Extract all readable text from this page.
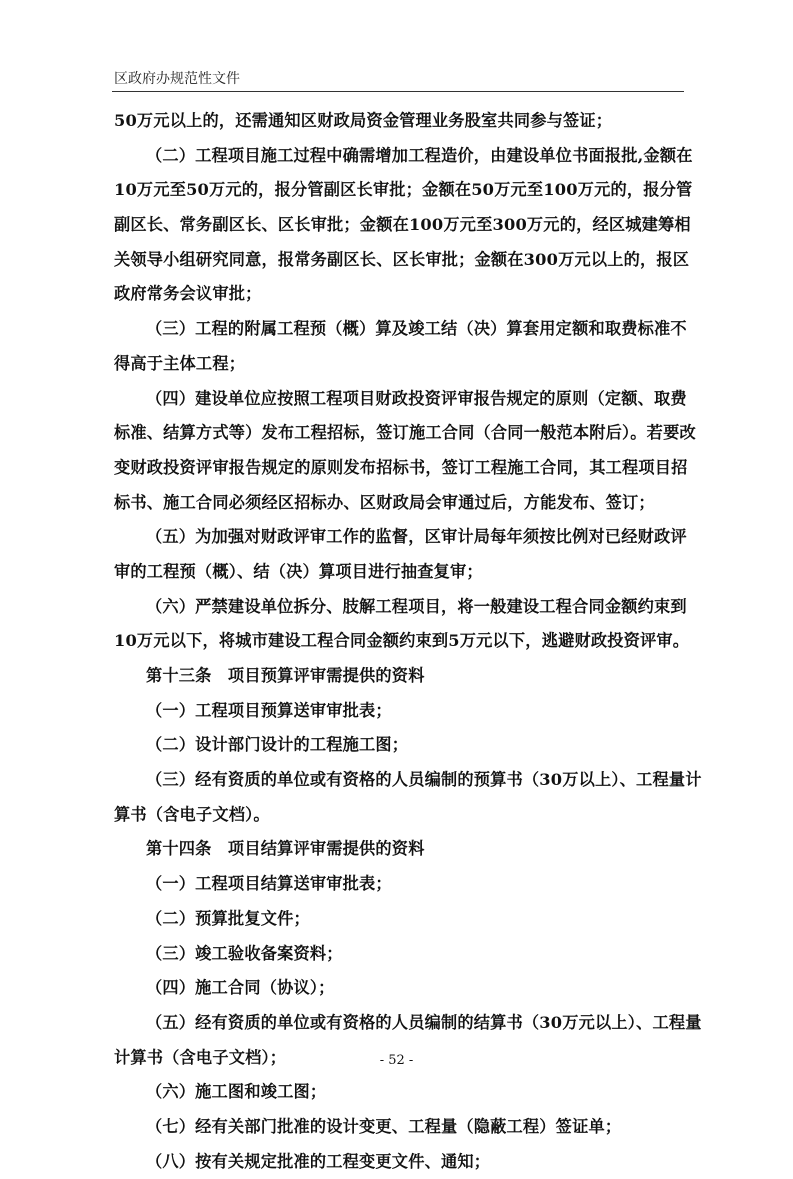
区政府办规范性文件
50万元以上的，还需通知区财政局资金管理业务股室共同参与签证；
（二）工程项目施工过程中确需增加工程造价，由建设单位书面报批,金额在
10万元至50万元的，报分管副区长审批；金额在50万元至100万元的，报分管
副区长、常务副区长、区长审批；金额在100万元至300万元的，经区城建筹相
关领导小组研究同意，报常务副区长、区长审批；金额在300万元以上的，报区
政府常务会议审批；
（三）工程的附属工程预（概）算及竣工结（决）算套用定额和取费标准不
得高于主体工程；
（四）建设单位应按照工程项目财政投资评审报告规定的原则（定额、取费
标准、结算方式等）发布工程招标，签订施工合同（合同一般范本附后）。若要改
变财政投资评审报告规定的原则发布招标书，签订工程施工合同，其工程项目招
标书、施工合同必须经区招标办、区财政局会审通过后，方能发布、签订；
（五）为加强对财政评审工作的监督，区审计局每年须按比例对已经财政评
审的工程预（概）、结（决）算项目进行抽查复审；
（六）严禁建设单位拆分、肢解工程项目，将一般建设工程合同金额约束到
10万元以下，将城市建设工程合同金额约束到5万元以下，逃避财政投资评审。
第十三条　项目预算评审需提供的资料
（一）工程项目预算送审审批表；
（二）设计部门设计的工程施工图；
（三）经有资质的单位或有资格的人员编制的预算书（30万以上）、工程量计
算书（含电子文档）。
第十四条　项目结算评审需提供的资料
（一）工程项目结算送审审批表；
（二）预算批复文件；
（三）竣工验收备案资料；
（四）施工合同（协议）；
（五）经有资质的单位或有资格的人员编制的结算书（30万元以上）、工程量
计算书（含电子文档）；
（六）施工图和竣工图；
（七）经有关部门批准的设计变更、工程量（隐蔽工程）签证单；
（八）按有关规定批准的工程变更文件、通知；
- 52 -
